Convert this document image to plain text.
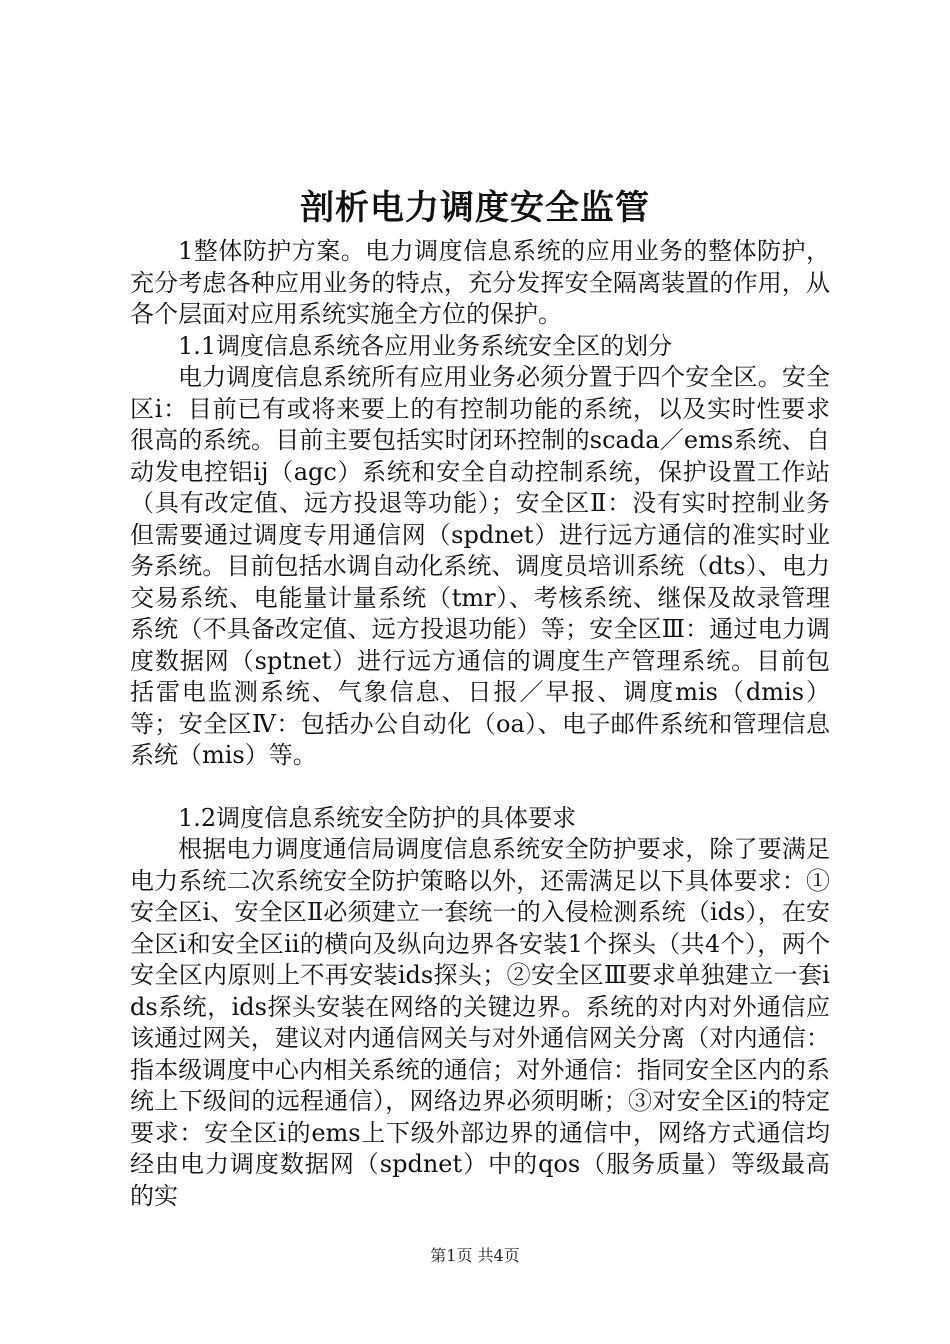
剖析电力调度安全监管

1整体防护方案。电力调度信息系统的应用业务的整体防护，充分考虑各种应用业务的特点，充分发挥安全隔离装置的作用，从各个层面对应用系统实施全方位的保护。

1.1调度信息系统各应用业务系统安全区的划分

电力调度信息系统所有应用业务必须分置于四个安全区。安全区ⅰ：目前已有或将来要上的有控制功能的系统，以及实时性要求很高的系统。目前主要包括实时闭环控制的scada／ems系统、自动发电控铝ij（agc）系统和安全自动控制系统，保护设置工作站（具有改定值、远方投退等功能）；安全区Ⅱ：没有实时控制业务但需要通过调度专用通信网（spdnet）进行远方通信的准实时业务系统。目前包括水调自动化系统、调度员培训系统（dts）、电力交易系统、电能量计量系统（tmr）、考核系统、继保及故录管理系统（不具备改定值、远方投退功能）等；安全区Ⅲ：通过电力调度数据网（sptnet）进行远方通信的调度生产管理系统。目前包括雷电监测系统、气象信息、日报／早报、调度mis（dmis）等；安全区Ⅳ：包括办公自动化（oa）、电子邮件系统和管理信息系统（mis）等。

1.2调度信息系统安全防护的具体要求

根据电力调度通信局调度信息系统安全防护要求，除了要满足电力系统二次系统安全防护策略以外，还需满足以下具体要求：①安全区ⅰ、安全区Ⅱ必须建立一套统一的入侵检测系统（ids），在安全区ⅰ和安全区ⅱ的横向及纵向边界各安装1个探头（共4个），两个安全区内原则上不再安装ids探头；②安全区Ⅲ要求单独建立一套ids系统，ids探头安装在网络的关键边界。系统的对内对外通信应该通过网关，建议对内通信网关与对外通信网关分离（对内通信：指本级调度中心内相关系统的通信；对外通信：指同安全区内的系统上下级间的远程通信），网络边界必须明晰；③对安全区ⅰ的特定要求：安全区ⅰ的ems上下级外部边界的通信中，网络方式通信均经由电力调度数据网（spdnet）中的qos（服务质量）等级最高的实

第1页 共4页
